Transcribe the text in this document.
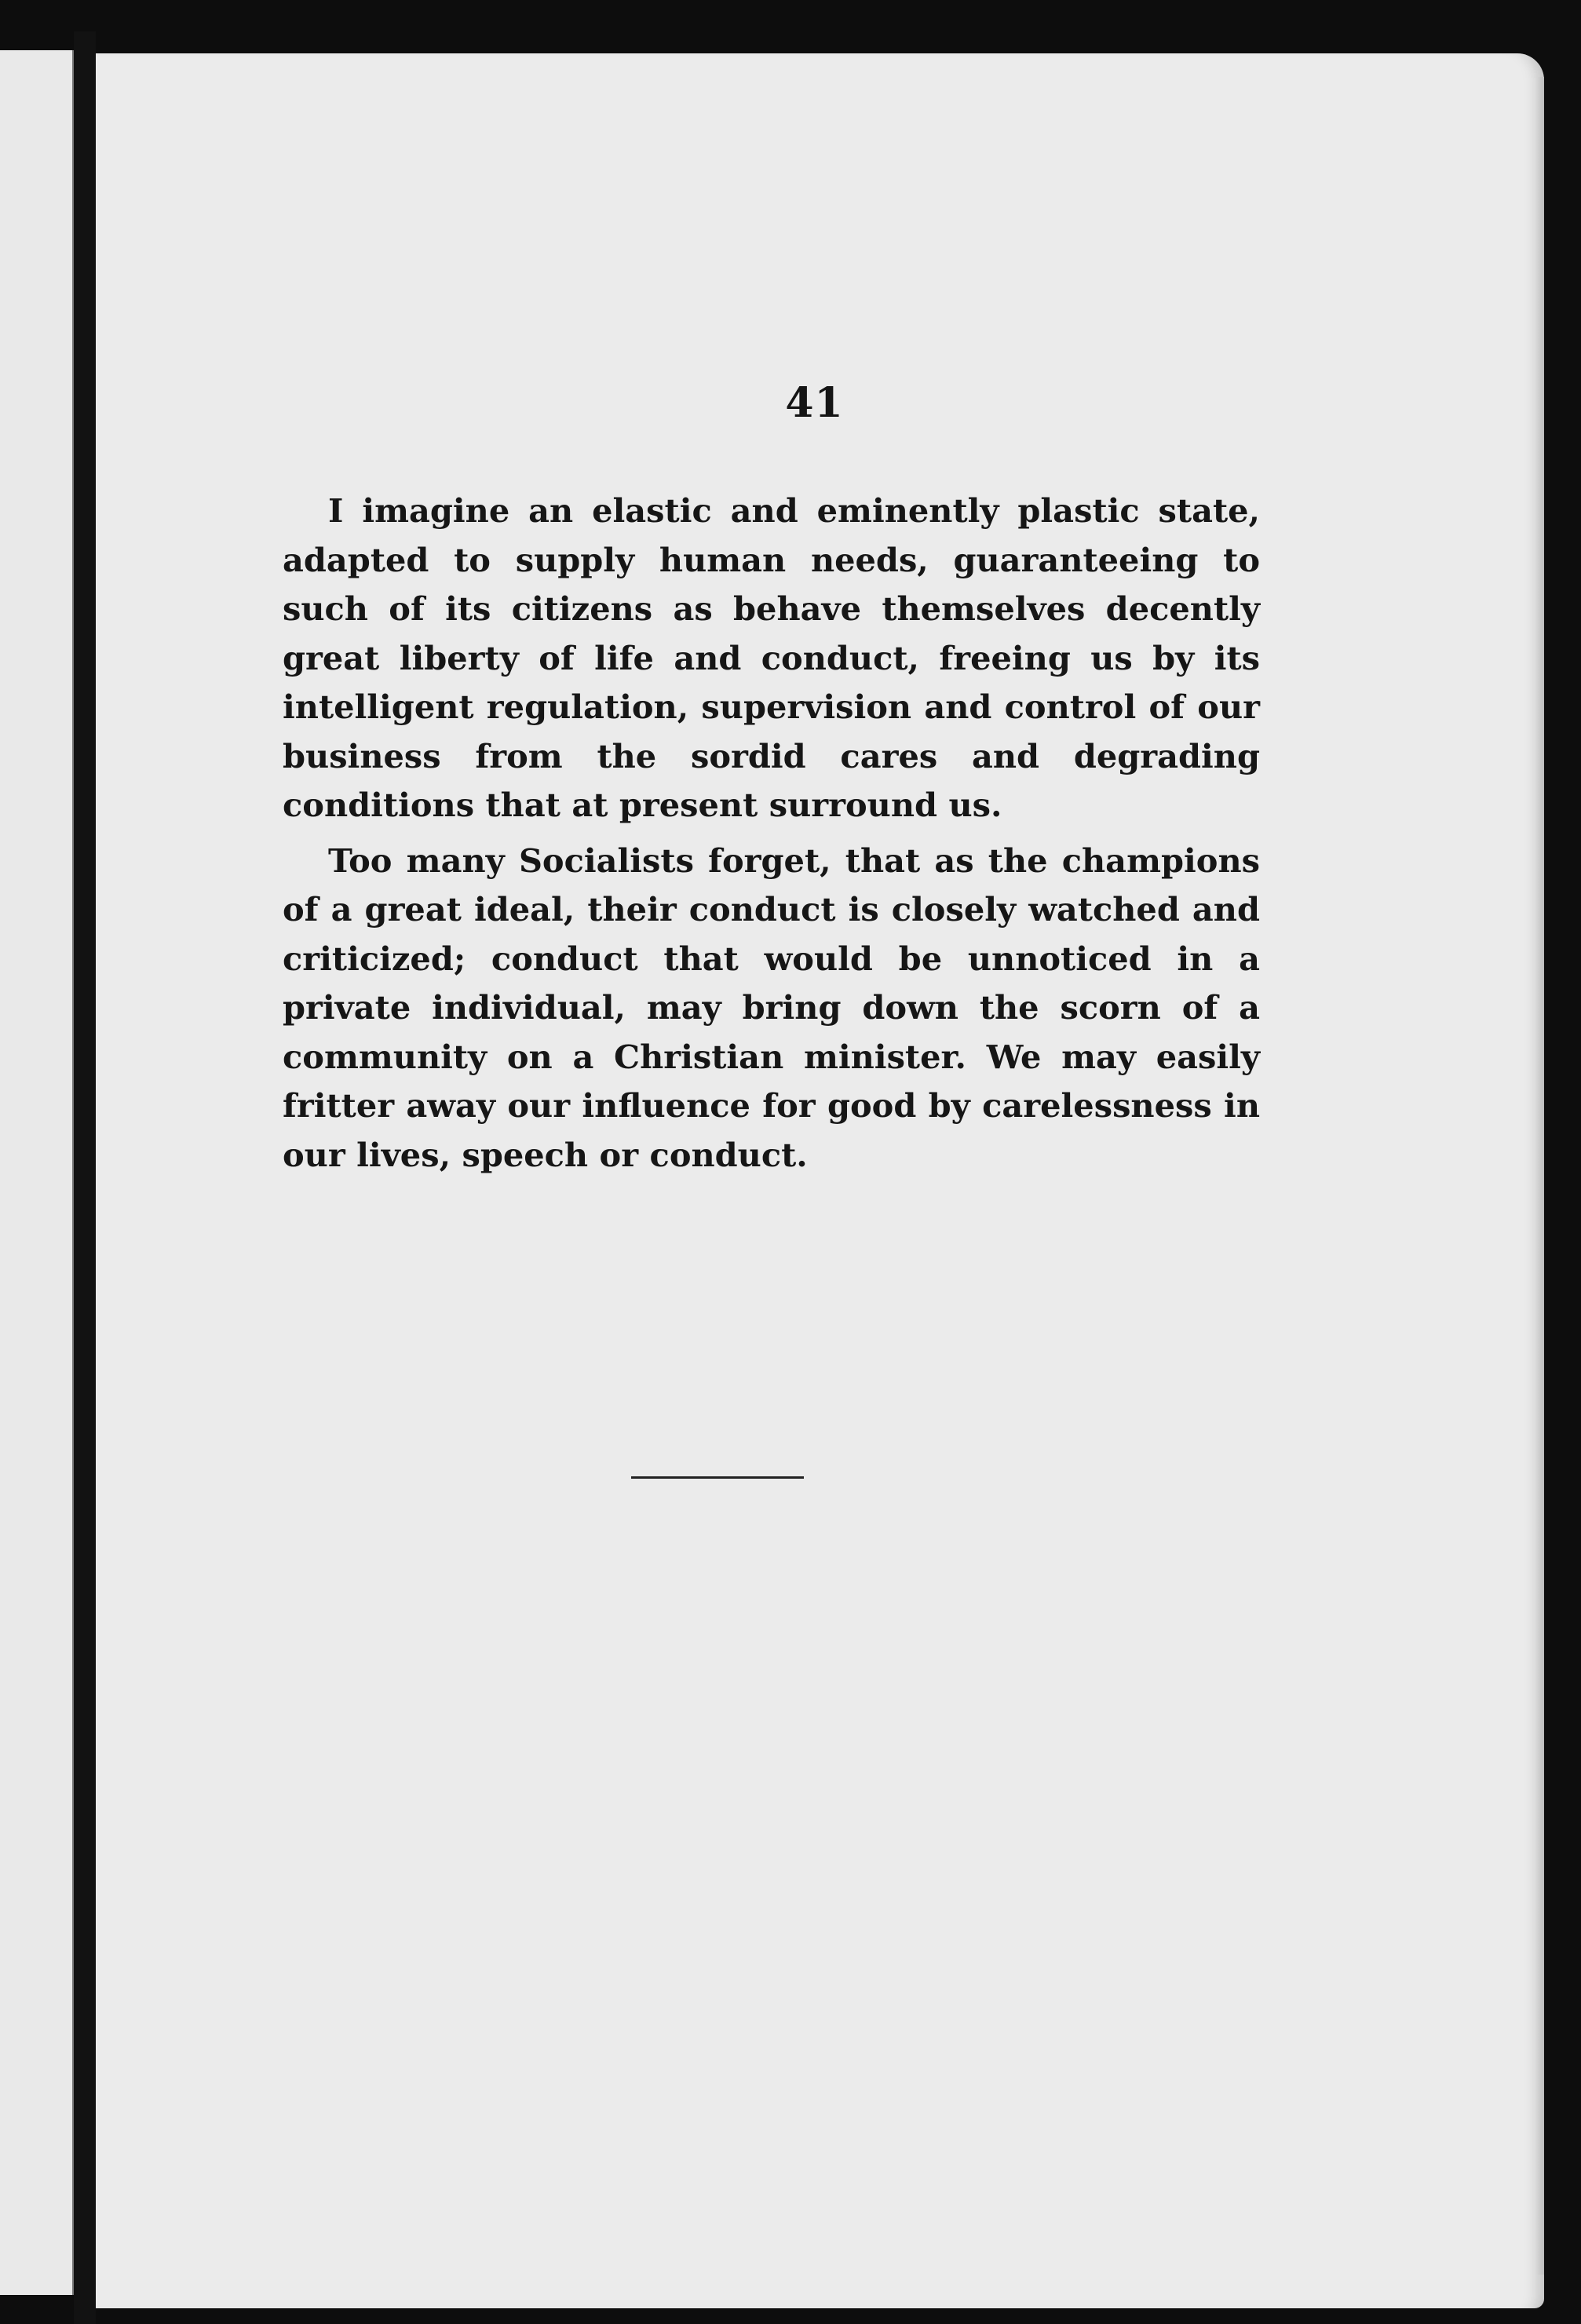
41

I imagine an elastic and eminently plastic state, adapted to supply human needs, guaranteeing to such of its citizens as behave themselves decently great liberty of life and conduct, freeing us by its intelligent regulation, supervision and control of our business from the sordid cares and degrading conditions that at present surround us.

Too many Socialists forget, that as the champions of a great ideal, their conduct is closely watched and criticized; conduct that would be unnoticed in a private individual, may bring down the scorn of a community on a Christian minister. We may easily fritter away our influence for good by carelessness in our lives, speech or conduct.
